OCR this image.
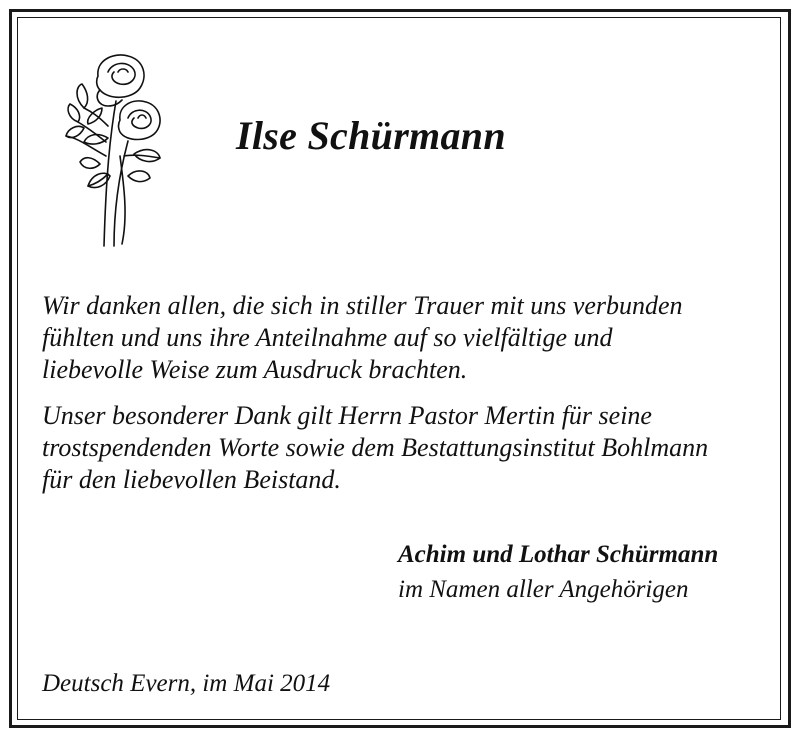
Ilse Schürmann

Wir danken allen, die sich in stiller Trauer mit uns verbunden
fühlten und uns ihre Anteilnahme auf so vielfältige und
liebevolle Weise zum Ausdruck brachten.

Unser besonderer Dank gilt Herrn Pastor Mertin für seine
trostspendenden Worte sowie dem Bestattungsinstitut Bohlmann
für den liebevollen Beistand.

Achim und Lothar Schürmann

im Namen aller Angehörigen

Deutsch Evern, im Mai 2014
